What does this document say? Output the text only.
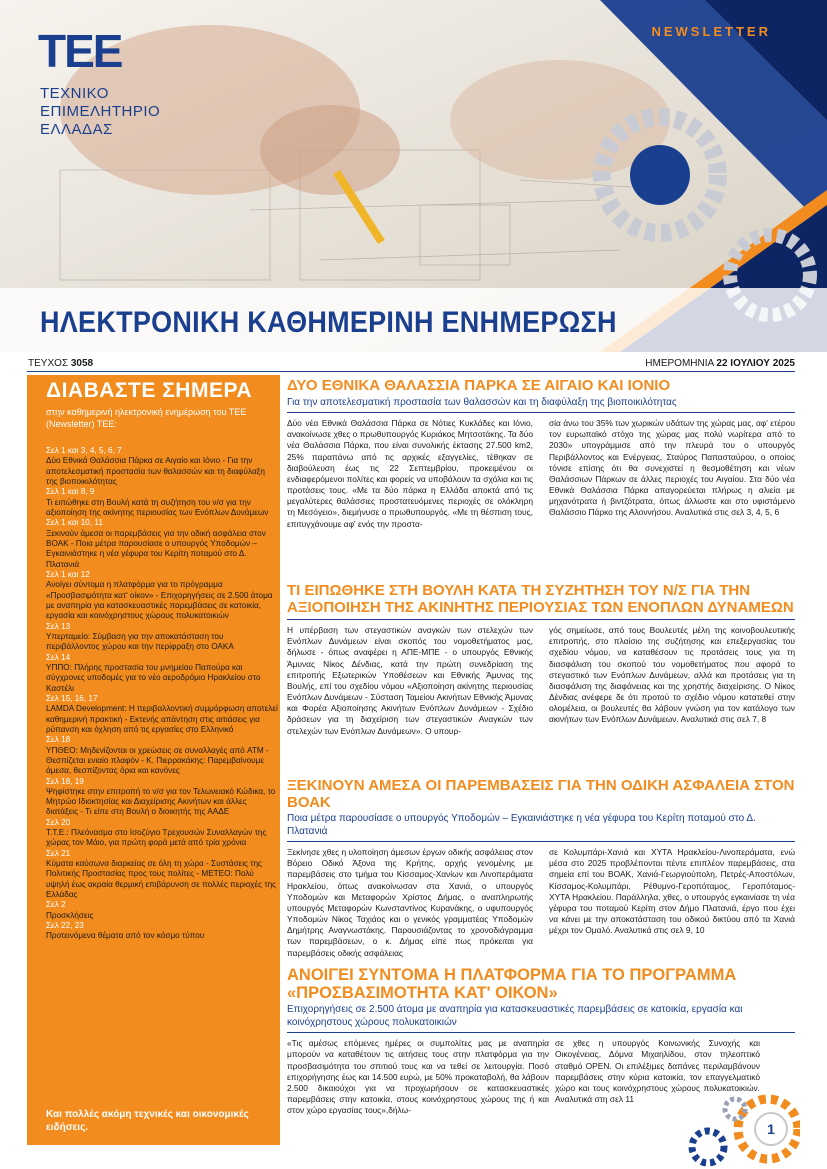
ΤΕΕ
ΤΕΧΝΙΚΟ
ΕΠΙΜΕΛΗΤΗΡΙΟ
ΕΛΛΑΔΑΣ
NEWSLETTER
ΗΛΕΚΤΡΟΝΙΚΗ ΚΑΘΗΜΕΡΙΝΗ ΕΝΗΜΕΡΩΣΗ
ΤΕΥΧΟΣ 3058	ΗΜΕΡΟΜΗΝΙΑ 22 ΙΟΥΛΙΟΥ 2025
ΔΙΑΒΑΣΤΕ ΣΗΜΕΡΑ
στην καθημερινή ηλεκτρονική ενημέρωση του ΤΕΕ (Newsletter) ΤΕΕ:
Σελ 1 και 3, 4, 5, 6, 7
Δύο Εθνικά Θαλάσσια Πάρκα σε Αιγαίο και Ιόνιο - Για την αποτελεσματική προστασία των θαλασσών και τη διαφύλαξη της βιοποικιλότητας
Σελ 1 και 8, 9
Τι ειπώθηκε στη Βουλή κατά τη συζήτηση του ν/σ για την αξιοποίηση της ακίνητης περιουσίας των Ενόπλων Δυνάμεων
Σελ 1 και 10, 11
Ξεκινούν άμεσα οι παρεμβάσεις για την οδική ασφάλεια στον ΒΟΑΚ - Ποια μέτρα παρουσίασε ο υπουργός Υποδομών – Εγκαινιάστηκε η νέα γέφυρα του Κερίτη ποταμού στο Δ. Πλατανιά
Σελ 1 και 12
Ανοίγει σύντομα η πλατφόρμα για το πρόγραμμα «Προσβασιμότητα κατ' οίκον» - Επιχορηγήσεις σε 2.500 άτομα με αναπηρία για κατασκευαστικές παρεμβάσεις σε κατοικία, εργασία και κοινόχρηστους χώρους πολυκατοικιών
Σελ 13
Υπερταμείο: Σύμβαση για την αποκατάσταση του περιβάλλοντος χώρου και την περίφραξη στο ΟΑΚΑ
Σελ 14
ΥΠΠΟ: Πλήρης προστασία του μνημείου Παπούρα και σύγχρονες υποδομές για το νέο αεροδρόμιο Ηρακλείου στο Καστέλι
Σελ 15, 16, 17
LAMDA Development: Η περιβαλλοντική συμμόρφωση αποτελεί καθημερινή πρακτική - Εκτενής απάντηση στις αιτιάσεις για ρύπανση και όχληση από τις εργασίες στο Ελληνικό
Σελ 18
ΥΠΘΕΟ: Μηδενίζονται οι χρεώσεις σε συναλλαγές από ATM - Θεσπίζεται ενιαίο πλαφόν - Κ. Πιερρακάκης: Παρεμβαίνουμε άμεσα, θεσπίζοντας όρια και κανόνες
Σελ 18, 19
Ψηφίστηκε στην επιτροπή το ν/σ για τον Τελωνειακό Κώδικα, το Μητρώο Ιδιοκτησίας και Διαχείρισης Ακινήτων και άλλες διατάξεις - Τι είπε στη Βουλή ο διοικητής της ΑΑΔΕ
Σελ 20
Τ.Τ.Ε.: Πλεόνασμα στο Ισοζύγιο Τρεχουσών Συναλλαγών της χώρας τον Μάιο, για πρώτη φορά μετά από τρία χρόνια
Σελ 21
Κύματα καύσωνα διαρκείας σε όλη τη χώρα - Συστάσεις της Πολιτικής Προστασίας προς τους πολίτες - ΜΕΤΕΟ: Πολύ υψηλή έως ακραία θερμική επιβάρυνση σε πολλές περιοχές της Ελλάδας
Σελ 2
Προσκλήσεις
Σελ 22, 23
Προτεινόμενα θέματα από τον κόσμο τύπου
Και πολλές ακόμη τεχνικές και οικονομικές ειδήσεις.
ΔΥΟ ΕΘΝΙΚΑ ΘΑΛΑΣΣΙΑ ΠΑΡΚΑ ΣΕ ΑΙΓΑΙΟ ΚΑΙ ΙΟΝΙΟ
Για την αποτελεσματική προστασία των θαλασσών και τη διαφύλαξη της βιοποικιλότητας
Δύο νέα Εθνικά Θαλάσσια Πάρκα σε Νότιες Κυκλάδες και Ιόνιο, ανακοίνωσε χθες ο πρωθυπουργός Κυριάκος Μητσοτάκης. Τα δύο νέα Θαλάσσια Πάρκα, που είναι συνολικής έκτασης 27.500 km2, 25% παραπάνω από τις αρχικές εξαγγελίες, τέθηκαν σε διαβούλευση έως τις 22 Σεπτεμβρίου, προκειμένου οι ενδιαφερόμενοι πολίτες και φορείς να υποβάλουν τα σχόλια και τις προτάσεις τους. «Με τα δύο πάρκα η Ελλάδα αποκτά από τις μεγαλύτερες θαλάσσιες προστατευόμενες περιοχές σε ολόκληρη τη Μεσόγειο», διεμήνυσε ο πρωθυπουργός. «Με τη θέσπιση τους, επιτυγχάνουμε αφ' ενός την προστα-
σία άνω του 35% των χωρικών υδάτων της χώρας μας, αφ' ετέρου τον ευρωπαϊκό στόχο της χώρας μας πολύ νωρίτερα από το 2030» υπογράμμισε από την πλευρά του ο υπουργός Περιβάλλοντος και Ενέργειας, Σταύρος Παπασταύρου, ο οποίος τόνισε επίσης ότι θα συνεχιστεί η θεσμοθέτηση και νέων Θαλάσσιων Πάρκων σε άλλες περιοχές του Αιγαίου. Στα δύο νέα Εθνικά Θαλάσσια Πάρκα απαγορεύεται πλήρως η αλιεία με μηχανότρατα ή βιντζότρατα, όπως άλλωστε και στο υφιστάμενο Θαλάσσιο Πάρκο της Αλοννήσου. Αναλυτικά στις σελ 3, 4, 5, 6
ΤΙ ΕΙΠΩΘΗΚΕ ΣΤΗ ΒΟΥΛΗ ΚΑΤΑ ΤΗ ΣΥΖΗΤΗΣΗ ΤΟΥ Ν/Σ ΓΙΑ ΤΗΝ ΑΞΙΟΠΟΙΗΣΗ ΤΗΣ ΑΚΙΝΗΤΗΣ ΠΕΡΙΟΥΣΙΑΣ ΤΩΝ ΕΝΟΠΛΩΝ ΔΥΝΑΜΕΩΝ
Η υπέρβαση των στεγαστικών αναγκών των στελεχών των Ενόπλων Δυνάμεων είναι σκοπός του νομοθετήματος μας, δήλωσε - όπως αναφέρει η ΑΠΕ-ΜΠΕ - ο υπουργός Εθνικής Άμυνας Νίκος Δένδιας, κατά την πρώτη συνεδρίαση της επιτροπής Εξωτερικών Υποθέσεων και Εθνικής Άμυνας της Βουλής, επί του σχεδίου νόμου «Αξιοποίηση ακίνητης περιουσίας Ενόπλων Δυνάμεων - Σύσταση Ταμείου Ακινήτων Εθνικής Άμυνας και Φορέα Αξιοποίησης Ακινήτων Ενόπλων Δυνάμεων - Σχέδιο δράσεων για τη διαχείριση των στεγαστικών Αναγκών των στελεχών των Ενόπλων Δυνάμεων». Ο υπουρ-
γός σημείωσε, από τους Βουλευτές μέλη της κοινοβουλευτικής επιτροπής, στο πλαίσιο της συζήτησης και επεξεργασίας του σχεδίου νόμου, να καταθέσουν τις προτάσεις τους για τη διασφάλιση του σκοπού του νομοθετήματος που αφορά το στεγαστικό των Ενόπλων Δυνάμεων, αλλά και προτάσεις για τη διασφάλιση της διαφάνειας και της χρηστής διαχείρισης. Ο Νίκος Δένδιας ανέφερε δε ότι προτού το σχέδιο νόμου κατατεθεί στην ολομέλεια, οι βουλευτές θα λάβουν γνώση για τον κατάλογο των ακινήτων των Ενόπλων Δυνάμεων. Αναλυτικά στις σελ 7, 8
ΞΕΚΙΝΟΥΝ ΑΜΕΣΑ ΟΙ ΠΑΡΕΜΒΑΣΕΙΣ ΓΙΑ ΤΗΝ ΟΔΙΚΗ ΑΣΦΑΛΕΙΑ ΣΤΟΝ ΒΟΑΚ
Ποια μέτρα παρουσίασε ο υπουργός Υποδομών – Εγκαινιάστηκε η νέα γέφυρα του Κερίτη ποταμού στο Δ. Πλατανιά
Ξεκίνησε χθες η υλοποίηση άμεσων έργων οδικής ασφάλειας στον Βόρειο Οδικό Άξονα της Κρήτης, αρχής γενομένης με παρεμβάσεις στο τμήμα του Κίσσαμος-Χανίων και Λινοπεράματα Ηρακλείου, όπως ανακοίνωσαν στα Χανιά, ο υπουργός Υποδομών και Μεταφορών Χρίστος Δήμας, ο αναπληρωτής υπουργός Μεταφορών Κωνσταντίνος Κυρανάκης, ο υφυπουργός Υποδομών Νίκος Ταχιάος και ο γενικός γραμματέας Υποδομών Δημήτρης Αναγνωστάκης. Παρουσιάζοντας το χρονοδιάγραμμα των παρεμβάσεων, ο κ. Δήμας είπε πως πρόκειται για παρεμβάσεις οδικής ασφάλειας
σε Κολυμπάρι-Χανιά και ΧΥΤΑ Ηρακλείου-Λινοπεράματα, ενώ μέσα στο 2025 προβλέπονται πέντε επιπλέον παρεμβάσεις, στα σημεία επί του ΒΟΑΚ, Χανιά-Γεωργιούπολη, Πετρές-Αποστόλων, Κίσσαμος-Κολυμπάρι, Ρέθυμνο-Γεροπόταμος, Γεροπόταμος-ΧΥΤΑ Ηρακλείου. Παράλληλα, χθες, ο υπουργός εγκαινίασε τη νέα γέφυρα του ποταμού Κερίτη στον Δήμο Πλατανιά, έργο που έχει να κάνει με την αποκατάσταση του οδικού δικτύου από τα Χανιά μέχρι τον Ομαλό. Αναλυτικά στις σελ 9, 10
ΑΝΟΙΓΕΙ ΣΥΝΤΟΜΑ Η ΠΛΑΤΦΟΡΜΑ ΓΙΑ ΤΟ ΠΡΟΓΡΑΜΜΑ «ΠΡΟΣΒΑΣΙΜΟΤΗΤΑ ΚΑΤ' ΟΙΚΟΝ»
Επιχορηγήσεις σε 2.500 άτομα με αναπηρία για κατασκευαστικές παρεμβάσεις σε κατοικία, εργασία και κοινόχρηστους χώρους πολυκατοικιών
«Τις αμέσως επόμενες ημέρες οι συμπολίτες μας με αναπηρία μπορούν να καταθέτουν τις αιτήσεις τους στην πλατφόρμα για την προσβασιμότητα του σπιτιού τους και να τεθεί σε λειτουργία. Ποσό επιχορήγησης έως και 14.500 ευρώ, με 50% προκαταβολή, θα λάβουν 2.500 δικαιούχοι για να προχωρήσουν σε κατασκευαστικές παρεμβάσεις στην κατοικία, στους κοινόχρηστους χώρους της ή και στον χώρο εργασίας τους»,δήλω-
σε χθες η υπουργός Κοινωνικής Συνοχής και Οικογένειας, Δόμνα Μιχαηλίδου, στον τηλεοπτικό σταθμό OPEN. Οι επιλέξιμες δαπάνες περιλαμβάνουν παρεμβάσεις στην κύρια κατοικία, τον επαγγελματικό χώρο και τους κοινόχρηστους χώρους πολυκατοικιών. Αναλυτικά στη σελ 11
1
